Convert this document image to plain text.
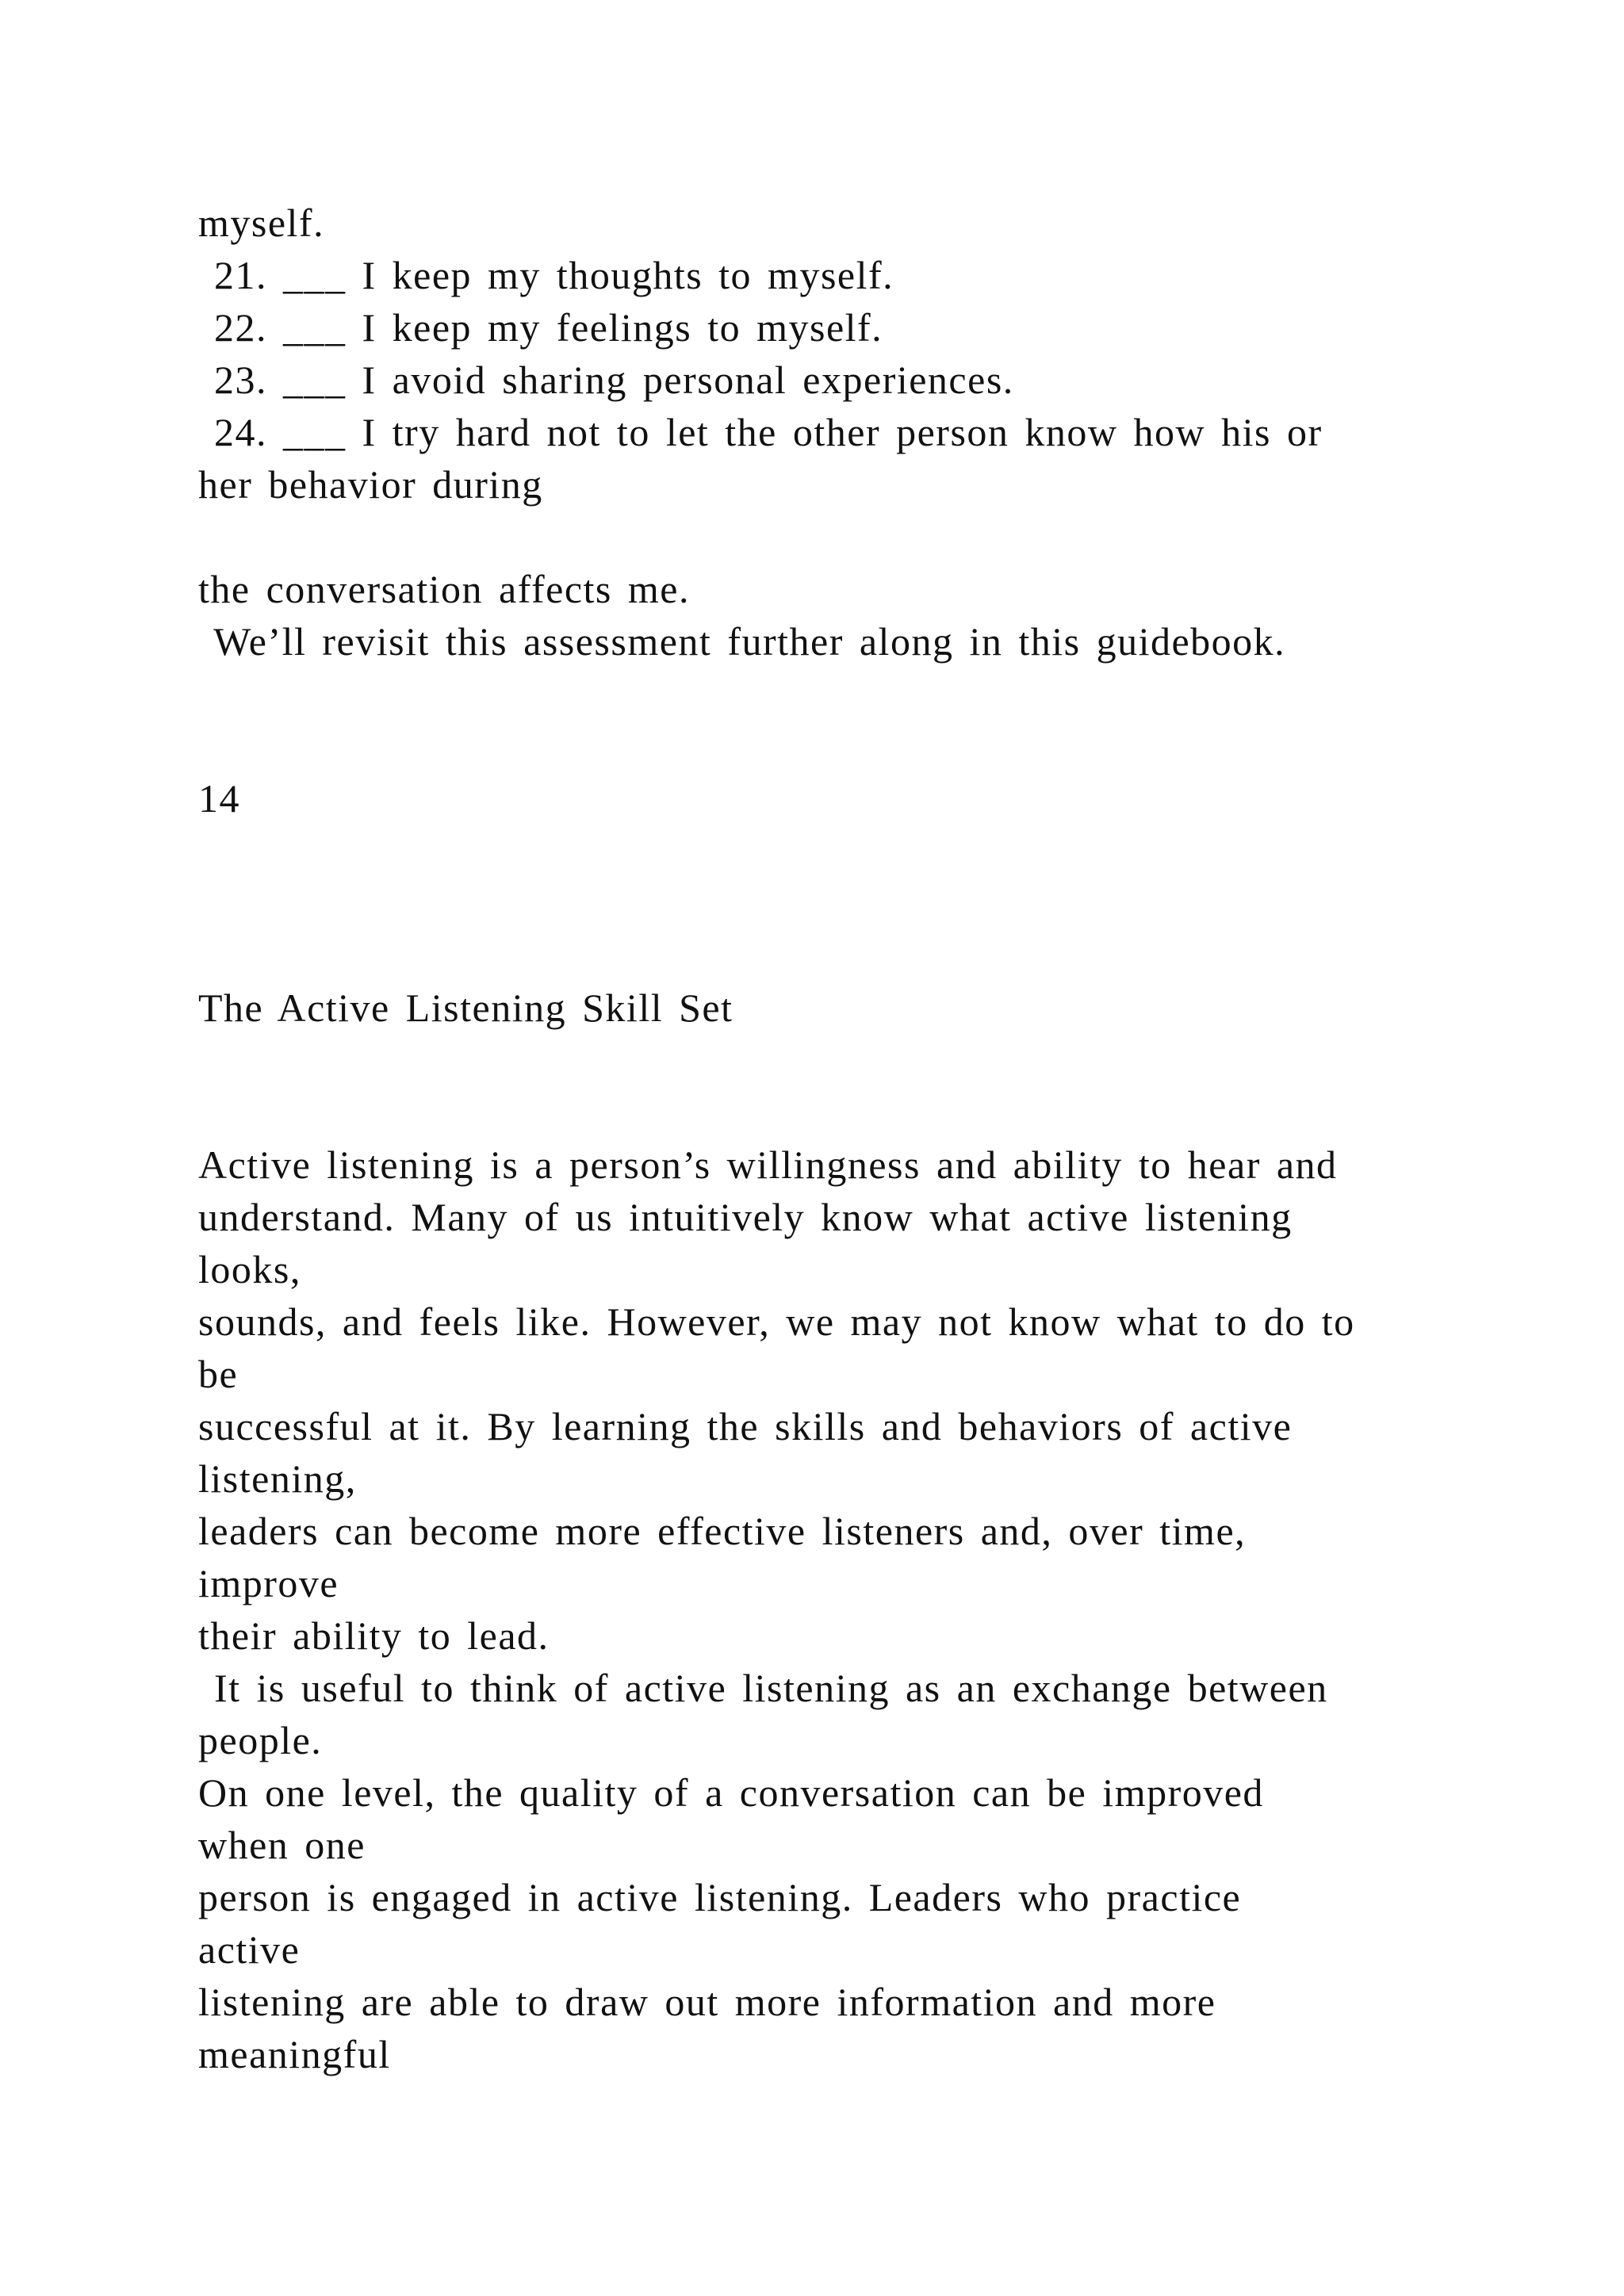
myself.
21. ___ I keep my thoughts to myself.
22. ___ I keep my feelings to myself.
23. ___ I avoid sharing personal experiences.
24. ___ I try hard not to let the other person know how his or
her behavior during
the conversation affects me.
We’ll revisit this assessment further along in this guidebook.
14
The Active Listening Skill Set
Active listening is a person’s willingness and ability to hear and
understand. Many of us intuitively know what active listening
looks,
sounds, and feels like. However, we may not know what to do to
be
successful at it. By learning the skills and behaviors of active
listening,
leaders can become more effective listeners and, over time,
improve
their ability to lead.
It is useful to think of active listening as an exchange between
people.
On one level, the quality of a conversation can be improved
when one
person is engaged in active listening. Leaders who practice
active
listening are able to draw out more information and more
meaningful
